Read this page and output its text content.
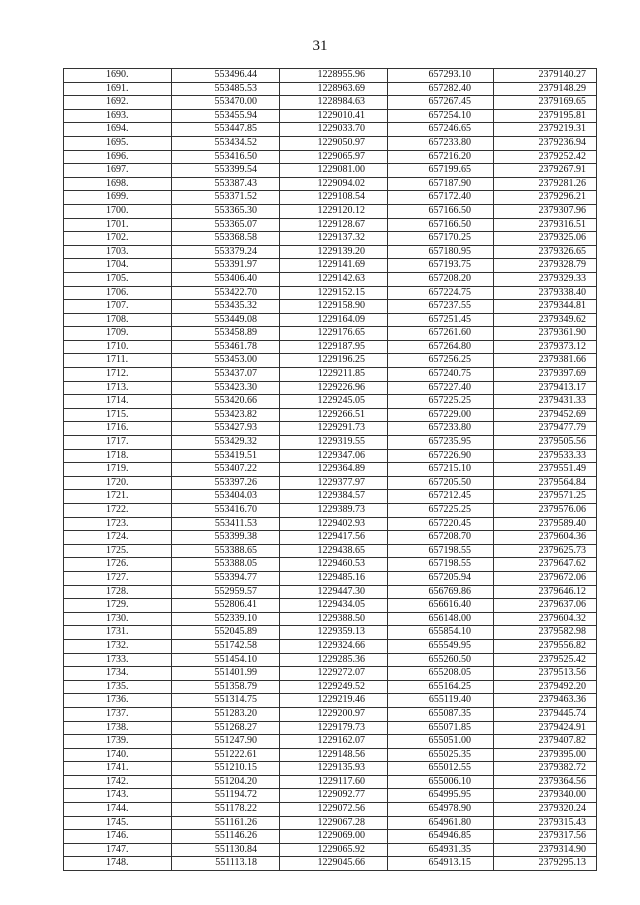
31
1690.	553496.44	1228955.96	657293.10	2379140.27
1691.	553485.53	1228963.69	657282.40	2379148.29
1692.	553470.00	1228984.63	657267.45	2379169.65
1693.	553455.94	1229010.41	657254.10	2379195.81
1694.	553447.85	1229033.70	657246.65	2379219.31
1695.	553434.52	1229050.97	657233.80	2379236.94
1696.	553416.50	1229065.97	657216.20	2379252.42
1697.	553399.54	1229081.00	657199.65	2379267.91
1698.	553387.43	1229094.02	657187.90	2379281.26
1699.	553371.52	1229108.54	657172.40	2379296.21
1700.	553365.30	1229120.12	657166.50	2379307.96
1701.	553365.07	1229128.67	657166.50	2379316.51
1702.	553368.58	1229137.32	657170.25	2379325.06
1703.	553379.24	1229139.20	657180.95	2379326.65
1704.	553391.97	1229141.69	657193.75	2379328.79
1705.	553406.40	1229142.63	657208.20	2379329.33
1706.	553422.70	1229152.15	657224.75	2379338.40
1707.	553435.32	1229158.90	657237.55	2379344.81
1708.	553449.08	1229164.09	657251.45	2379349.62
1709.	553458.89	1229176.65	657261.60	2379361.90
1710.	553461.78	1229187.95	657264.80	2379373.12
1711.	553453.00	1229196.25	657256.25	2379381.66
1712.	553437.07	1229211.85	657240.75	2379397.69
1713.	553423.30	1229226.96	657227.40	2379413.17
1714.	553420.66	1229245.05	657225.25	2379431.33
1715.	553423.82	1229266.51	657229.00	2379452.69
1716.	553427.93	1229291.73	657233.80	2379477.79
1717.	553429.32	1229319.55	657235.95	2379505.56
1718.	553419.51	1229347.06	657226.90	2379533.33
1719.	553407.22	1229364.89	657215.10	2379551.49
1720.	553397.26	1229377.97	657205.50	2379564.84
1721.	553404.03	1229384.57	657212.45	2379571.25
1722.	553416.70	1229389.73	657225.25	2379576.06
1723.	553411.53	1229402.93	657220.45	2379589.40
1724.	553399.38	1229417.56	657208.70	2379604.36
1725.	553388.65	1229438.65	657198.55	2379625.73
1726.	553388.05	1229460.53	657198.55	2379647.62
1727.	553394.77	1229485.16	657205.94	2379672.06
1728.	552959.57	1229447.30	656769.86	2379646.12
1729.	552806.41	1229434.05	656616.40	2379637.06
1730.	552339.10	1229388.50	656148.00	2379604.32
1731.	552045.89	1229359.13	655854.10	2379582.98
1732.	551742.58	1229324.66	655549.95	2379556.82
1733.	551454.10	1229285.36	655260.50	2379525.42
1734.	551401.99	1229272.07	655208.05	2379513.56
1735.	551358.79	1229249.52	655164.25	2379492.20
1736.	551314.75	1229219.46	655119.40	2379463.36
1737.	551283.20	1229200.97	655087.35	2379445.74
1738.	551268.27	1229179.73	655071.85	2379424.91
1739.	551247.90	1229162.07	655051.00	2379407.82
1740.	551222.61	1229148.56	655025.35	2379395.00
1741.	551210.15	1229135.93	655012.55	2379382.72
1742.	551204.20	1229117.60	655006.10	2379364.56
1743.	551194.72	1229092.77	654995.95	2379340.00
1744.	551178.22	1229072.56	654978.90	2379320.24
1745.	551161.26	1229067.28	654961.80	2379315.43
1746.	551146.26	1229069.00	654946.85	2379317.56
1747.	551130.84	1229065.92	654931.35	2379314.90
1748.	551113.18	1229045.66	654913.15	2379295.13
